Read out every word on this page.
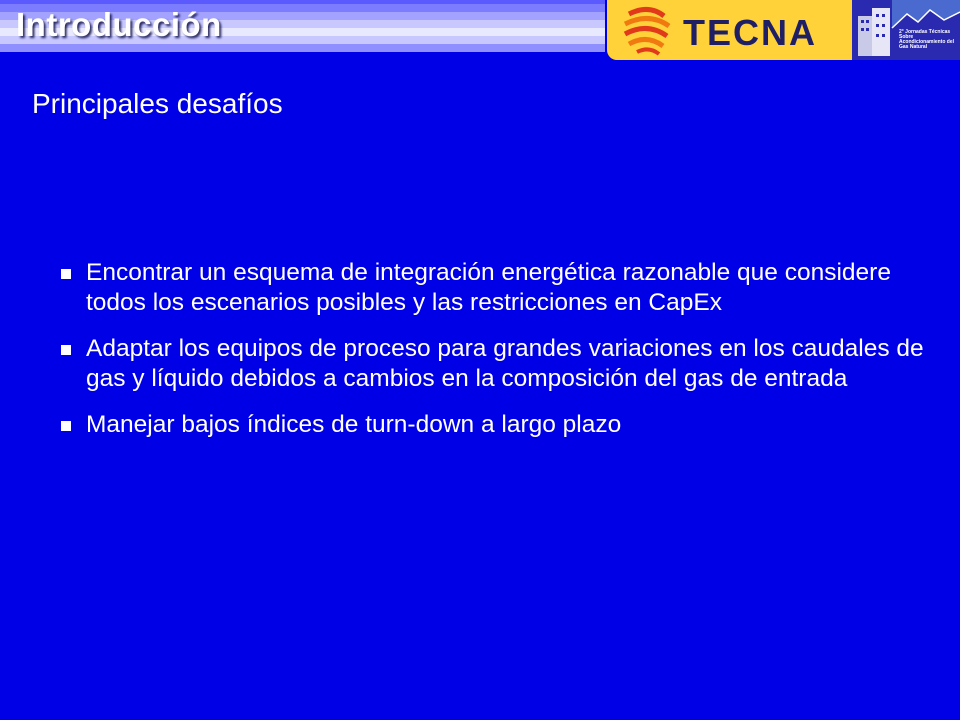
Introducción	TECNA	2° Jornadas Técnicas Sobre Acondicionamiento del Gas Natural
Principales desafíos
Encontrar un esquema de integración energética razonable que considere todos los escenarios posibles y las restricciones en CapEx
Adaptar los equipos de proceso para grandes variaciones en los caudales de gas y líquido debidos a cambios en la composición del gas de entrada
Manejar bajos índices de turn-down a largo plazo
